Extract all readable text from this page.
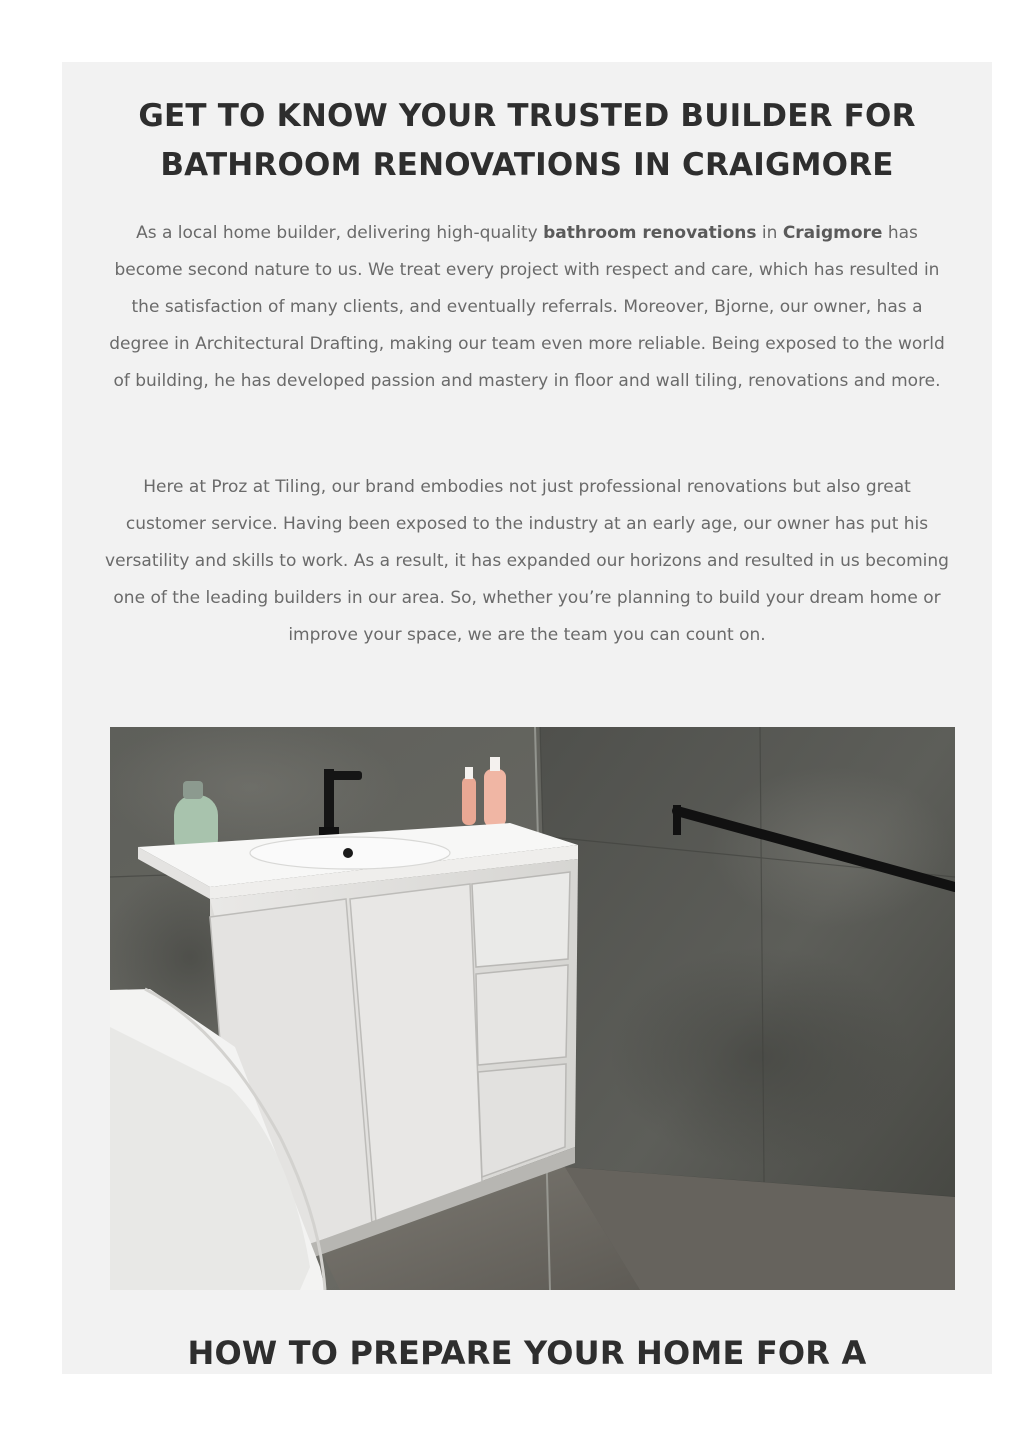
GET TO KNOW YOUR TRUSTED BUILDER FOR
BATHROOM RENOVATIONS IN CRAIGMORE

As a local home builder, delivering high-quality bathroom renovations in Craigmore has become second nature to us. We treat every project with respect and care, which has resulted in the satisfaction of many clients, and eventually referrals. Moreover, Bjorne, our owner, has a degree in Architectural Drafting, making our team even more reliable. Being exposed to the world of building, he has developed passion and mastery in floor and wall tiling, renovations and more.

Here at Proz at Tiling, our brand embodies not just professional renovations but also great customer service. Having been exposed to the industry at an early age, our owner has put his versatility and skills to work. As a result, it has expanded our horizons and resulted in us becoming one of the leading builders in our area. So, whether you’re planning to build your dream home or improve your space, we are the team you can count on.

HOW TO PREPARE YOUR HOME FOR A
